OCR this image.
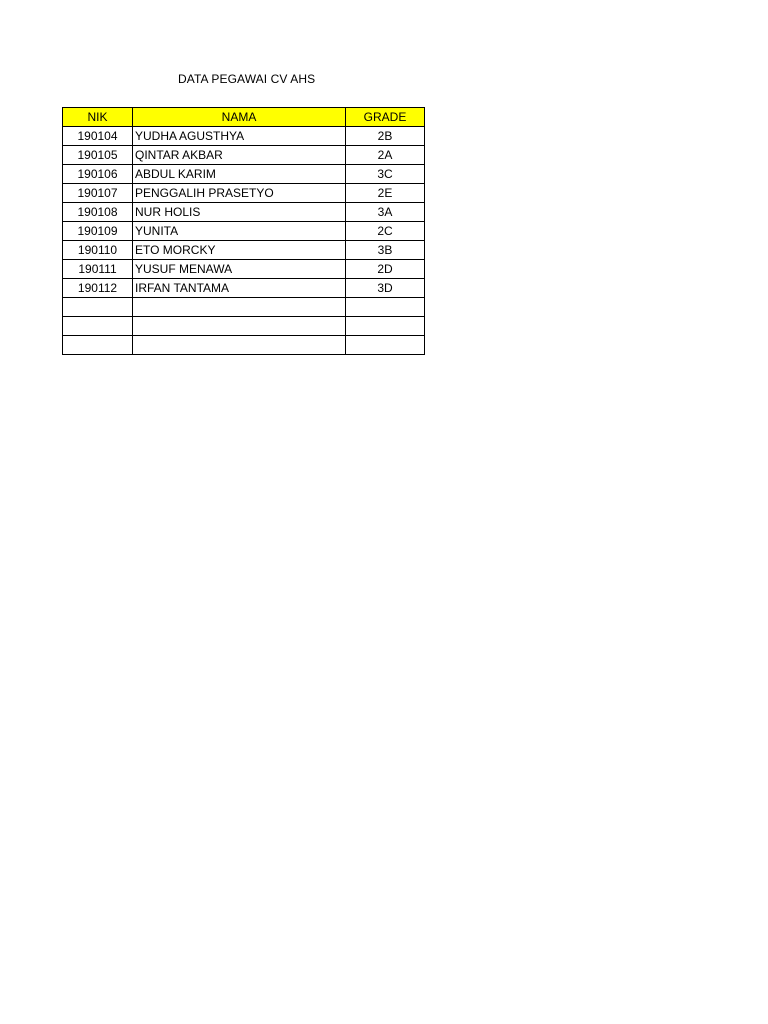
DATA PEGAWAI CV AHS
NIK	NAMA	GRADE
190104	YUDHA AGUSTHYA	2B
190105	QINTAR AKBAR	2A
190106	ABDUL KARIM	3C
190107	PENGGALIH PRASETYO	2E
190108	NUR HOLIS	3A
190109	YUNITA	2C
190110	ETO MORCKY	3B
190111	YUSUF MENAWA	2D
190112	IRFAN TANTAMA	3D
